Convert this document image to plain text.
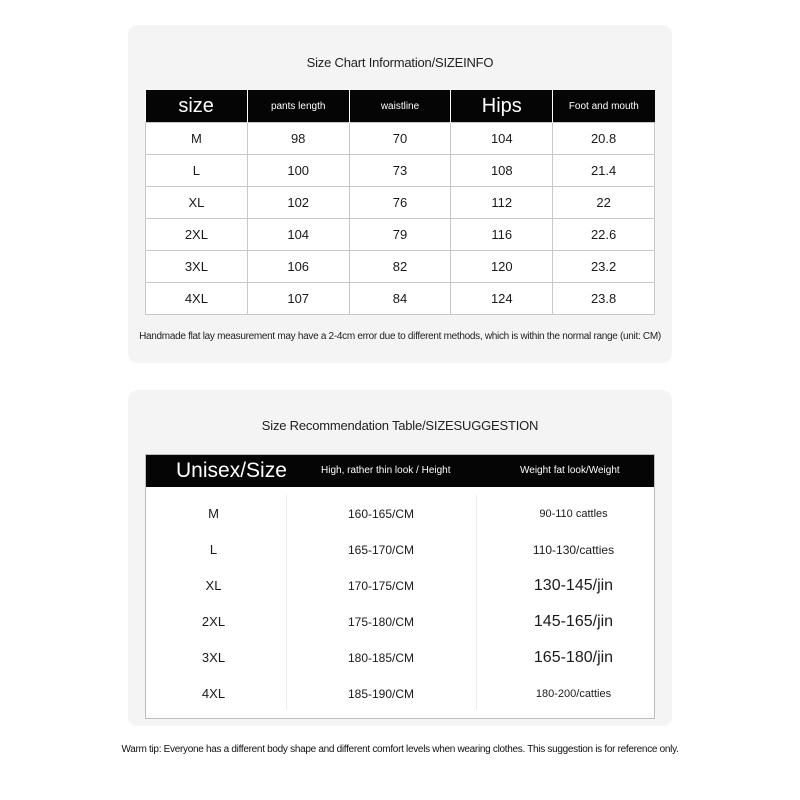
Size Chart Information/SIZEINFO
size	pants length	waistline	Hips	Foot and mouth
M	98	70	104	20.8
L	100	73	108	21.4
XL	102	76	112	22
2XL	104	79	116	22.6
3XL	106	82	120	23.2
4XL	107	84	124	23.8
Handmade flat lay measurement may have a 2-4cm error due to different methods, which is within the normal range (unit: CM)
Size Recommendation Table/SIZESUGGESTION
Unisex/Size	High, rather thin look / Height	Weight fat look/Weight
M	160-165/CM	90-110 cattles
L	165-170/CM	110-130/catties
XL	170-175/CM	130-145/jin
2XL	175-180/CM	145-165/jin
3XL	180-185/CM	165-180/jin
4XL	185-190/CM	180-200/catties
Warm tip: Everyone has a different body shape and different comfort levels when wearing clothes. This suggestion is for reference only.
